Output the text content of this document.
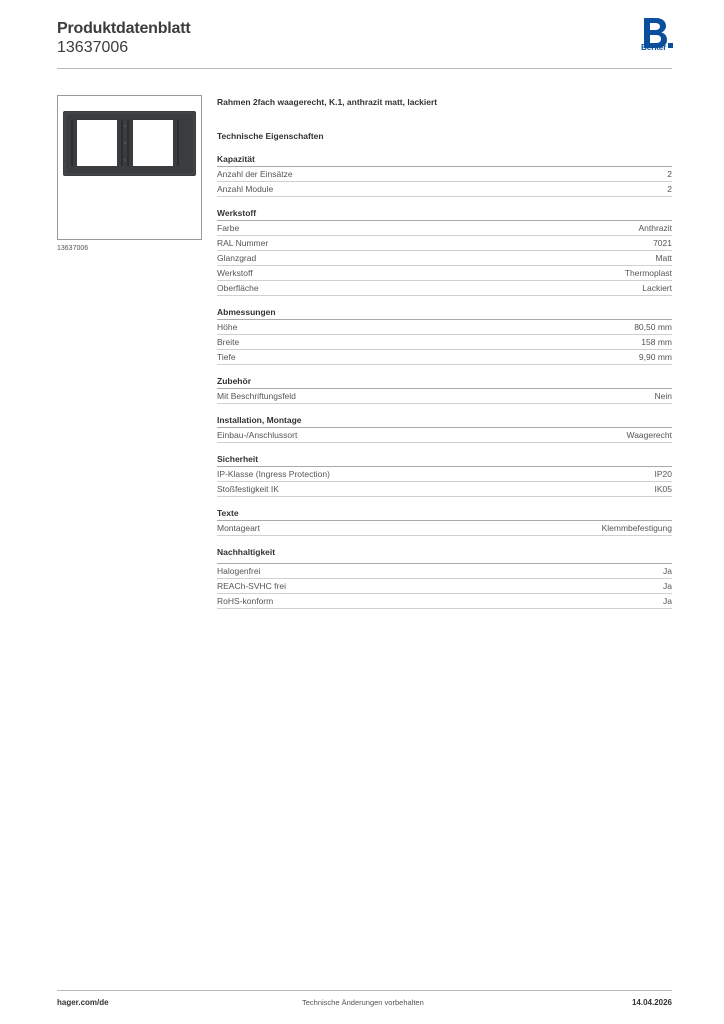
Produktdatenblatt
13637006	Berker
13637006
Rahmen 2fach waagerecht, K.1, anthrazit matt, lackiert
Technische Eigenschaften
Kapazität
Anzahl der Einsätze	2
Anzahl Module	2
Werkstoff
Farbe	Anthrazit
RAL Nummer	7021
Glanzgrad	Matt
Werkstoff	Thermoplast
Oberfläche	Lackiert
Abmessungen
Höhe	80,50 mm
Breite	158 mm
Tiefe	9,90 mm
Zubehör
Mit Beschriftungsfeld	Nein
Installation, Montage
Einbau-/Anschlussort	Waagerecht
Sicherheit
IP-Klasse (Ingress Protection)	IP20
Stoßfestigkeit IK	IK05
Texte
Montageart	Klemmbefestigung
Nachhaltigkeit
Halogenfrei	Ja
REACh-SVHC frei	Ja
RoHS-konform	Ja
hager.com/de	Technische Änderungen vorbehalten	14.04.2026
